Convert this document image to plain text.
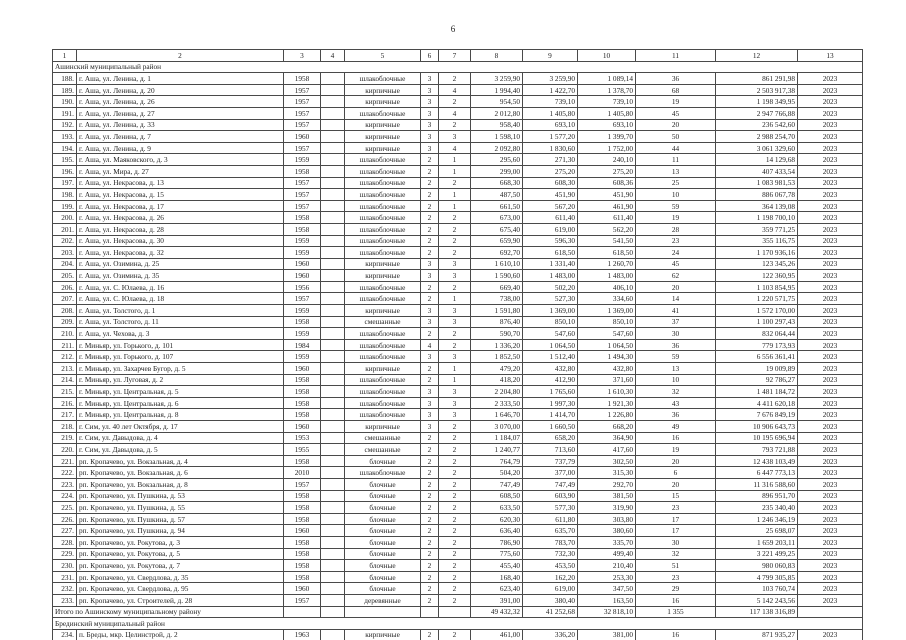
6
1	2	3	4	5	6	7	8	9	10	11	12	13
Ашинский муниципальный район												
188.	г. Аша, ул. Ленина, д. 1	1958		шлакоблочные	3	2	3 259,90	3 259,90	1 089,14	36	861 291,98	2023
189.	г. Аша, ул. Ленина, д. 20	1957		кирпичные	3	4	1 994,40	1 422,70	1 378,70	68	2 503 917,38	2023
190.	г. Аша, ул. Ленина, д. 26	1957		кирпичные	3	2	954,50	739,10	739,10	19	1 198 349,95	2023
191.	г. Аша, ул. Ленина, д. 27	1957		шлакоблочные	3	4	2 012,80	1 405,80	1 405,80	45	2 947 766,88	2023
192.	г. Аша, ул. Ленина, д. 33	1957		кирпичные	3	2	958,40	693,10	693,10	20	236 542,60	2023
193.	г. Аша, ул. Ленина, д. 7	1960		кирпичные	3	3	1 598,10	1 577,20	1 399,70	50	2 988 254,70	2023
194.	г. Аша, ул. Ленина, д. 9	1957		кирпичные	3	4	2 092,80	1 830,60	1 752,00	44	3 061 329,60	2023
195.	г. Аша, ул. Маяковского, д. 3	1959		шлакоблочные	2	1	295,60	271,30	240,10	11	14 129,68	2023
196.	г. Аша, ул. Мира, д. 27	1958		шлакоблочные	2	1	299,00	275,20	275,20	13	407 433,54	2023
197.	г. Аша, ул. Некрасова, д. 13	1957		шлакоблочные	2	2	668,30	608,30	608,36	25	1 083 981,53	2023
198.	г. Аша, ул. Некрасова, д. 15	1957		шлакоблочные	2	1	487,50	451,90	451,90	10	886 067,78	2023
199.	г. Аша, ул. Некрасова, д. 17	1957		шлакоблочные	2	1	661,50	567,20	461,90	59	364 139,08	2023
200.	г. Аша, ул. Некрасова, д. 26	1958		шлакоблочные	2	2	673,00	611,40	611,40	19	1 198 700,10	2023
201.	г. Аша, ул. Некрасова, д. 28	1958		шлакоблочные	2	2	675,40	619,00	562,20	28	359 771,25	2023
202.	г. Аша, ул. Некрасова, д. 30	1959		шлакоблочные	2	2	659,90	596,30	541,50	23	355 116,75	2023
203.	г. Аша, ул. Некрасова, д. 32	1959		шлакоблочные	2	2	692,70	618,50	618,50	24	1 170 936,16	2023
204.	г. Аша, ул. Озимина, д. 25	1960		кирпичные	3	3	1 610,10	1 331,40	1 260,70	45	123 345,26	2023
205.	г. Аша, ул. Озимина, д. 35	1960		кирпичные	3	3	1 590,60	1 483,00	1 483,00	62	122 360,95	2023
206.	г. Аша, ул. С. Юлаева, д. 16	1956		шлакоблочные	2	2	669,40	502,20	406,10	20	1 103 854,95	2023
207.	г. Аша, ул. С. Юлаева, д. 18	1957		шлакоблочные	2	1	738,00	527,30	334,60	14	1 220 571,75	2023
208.	г. Аша, ул. Толстого, д. 1	1959		кирпичные	3	3	1 591,80	1 369,00	1 369,00	41	1 572 170,00	2023
209.	г. Аша, ул. Толстого, д. 11	1958		смешанные	3	3	876,40	850,10	850,10	37	1 100 297,43	2023
210.	г. Аша, ул. Чехова, д. 3	1959		шлакоблочные	2	2	590,70	547,60	547,60	30	832 064,44	2023
211.	г. Миньяр, ул. Горького, д. 101	1984		шлакоблочные	4	2	1 336,20	1 064,50	1 064,50	36	779 173,93	2023
212.	г. Миньяр, ул. Горького, д. 107	1959		шлакоблочные	3	3	1 852,50	1 512,40	1 494,30	59	6 556 361,41	2023
213.	г. Миньяр, ул. Захарчев Бугор, д. 5	1960		кирпичные	2	1	479,20	432,80	432,80	13	19 009,89	2023
214.	г. Миньяр, ул. Луговая, д. 2	1958		шлакоблочные	2	1	418,20	412,90	371,60	10	92 786,27	2023
215.	г. Миньяр, ул. Центральная, д. 5	1958		шлакоблочные	3	3	2 204,80	1 765,60	1 610,30	32	1 481 184,72	2023
216.	г. Миньяр, ул. Центральная, д. 6	1958		шлакоблочные	3	3	2 333,50	1 997,30	1 921,30	43	4 411 620,18	2023
217.	г. Миньяр, ул. Центральная, д. 8	1958		шлакоблочные	3	3	1 646,70	1 414,70	1 226,80	36	7 676 849,19	2023
218.	г. Сим, ул. 40 лет Октября, д. 17	1960		кирпичные	3	2	3 070,00	1 660,50	668,20	49	10 906 643,73	2023
219.	г. Сим, ул. Давыдова, д. 4	1953		смешанные	2	2	1 184,07	658,20	364,90	16	10 195 696,94	2023
220.	г. Сим, ул. Давыдова, д. 5	1955		смешанные	2	2	1 240,77	713,60	417,60	19	793 721,88	2023
221.	рп. Кропачево, ул. Вокзальная, д. 4	1958		блочные	2	2	764,79	737,79	302,50	20	12 438 103,49	2023
222.	рп. Кропачево, ул. Вокзальная, д. 6	2010		шлакоблочные	2	2	504,20	377,00	315,30	6	6 447 773,13	2023
223.	рп. Кропачево, ул. Вокзальная, д. 8	1957		блочные	2	2	747,49	747,49	292,70	20	11 316 588,60	2023
224.	рп. Кропачево, ул. Пушкина, д. 53	1958		блочные	2	2	608,50	603,90	381,50	15	896 951,70	2023
225.	рп. Кропачево, ул. Пушкина, д. 55	1958		блочные	2	2	633,50	577,30	319,90	23	235 340,40	2023
226.	рп. Кропачево, ул. Пушкина, д. 57	1958		блочные	2	2	620,30	611,80	303,80	17	1 246 346,19	2023
227.	рп. Кропачево, ул. Пушкина, д. 94	1960		блочные	2	2	636,40	635,70	380,60	17	25 698,07	2023
228.	рп. Кропачево, ул. Рокутова, д. 3	1958		блочные	2	2	786,90	783,70	335,70	30	1 659 203,11	2023
229.	рп. Кропачево, ул. Рокутова, д. 5	1958		блочные	2	2	775,60	732,30	499,40	32	3 221 499,25	2023
230.	рп. Кропачево, ул. Рокутова, д. 7	1958		блочные	2	2	455,40	453,50	210,40	51	980 060,83	2023
231.	рп. Кропачево, ул. Свердлова, д. 35	1958		блочные	2	2	168,40	162,20	253,30	23	4 799 305,85	2023
232.	рп. Кропачево, ул. Свердлова, д. 95	1960		блочные	2	2	623,40	619,00	347,50	29	103 760,74	2023
233.	рп. Кропачево, ул. Строителей, д. 28	1957		деревянные	2	2	391,00	380,40	163,50	16	5 142 243,56	2023
Итого по Ашинскому муниципальному району							49 432,32	41 252,68	32 818,10	1 355	117 138 316,89	
Брединский муниципальный район												
234.	п. Бреды, мкр. Целинстрой, д. 2	1963		кирпичные	2	2	461,00	336,20	381,00	16	871 935,27	2023
